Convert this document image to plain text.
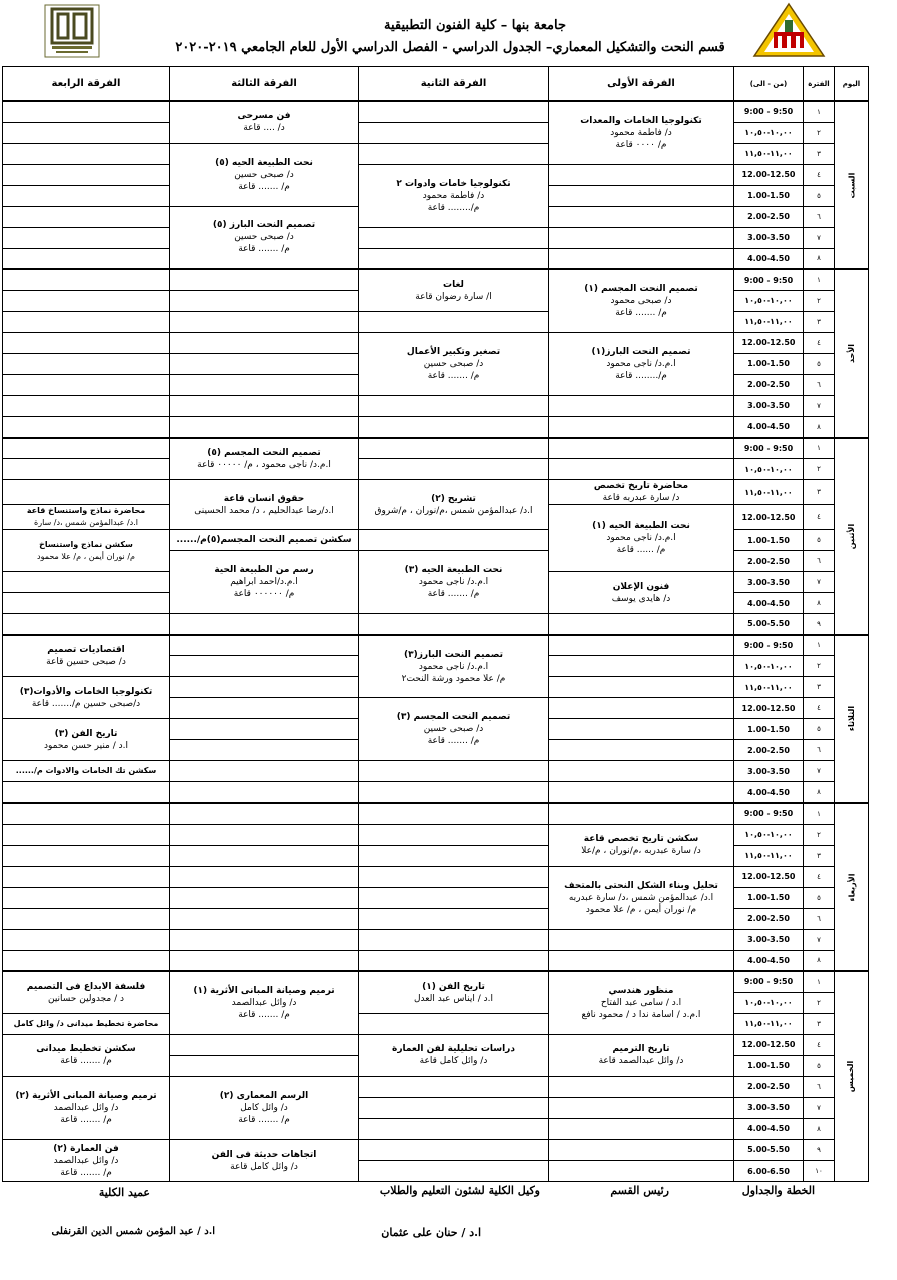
جامعة بنها – كلية الفنون التطبيقية
قسم النحت والتشكيل المعماري– الجدول الدراسي - الفصل الدراسي الأول للعام الجامعي ٢٠١٩-٢٠٢٠
اليوم	الفترة	(من – الى)	الفرقة الأولى	الفرقة الثانية	الفرقة الثالثة	الفرقة الرابعة
السبت	١	9:00 – 9:50	تكنولوجيا الخامات والمعدات
د/ فاطمة محمود
م/ ٠٠٠٠ قاعة		فن مسرحى
د/ .... قاعة	

	٢	١٠,٠٠-١٠,٥٠				
	٣	١١,٠٠-١١,٥٠			نحت الطبيعة الحيه (٥)
د/ صبحى حسين
م/ ....... قاعة	

	٤	12.00-12.50		تكنولوجيا خامات وادوات ٢
د/ فاطمة محمود
م/........ قاعة		

	٥	1.00-1.50				
	٦	2.00-2.50			تصميم النحت البارز (٥)
د/ صبحى حسين
م/ ....... قاعة	

	٧	3.00-3.50				
	٨	4.00-4.50				
الأحد	١	9:00 – 9:50	تصميم النحت المجسم (١)
د/ صبحى محمود
م/ ....... قاعة	لغات
ا/ سارة رضوان قاعة		

	٢	١٠,٠٠-١٠,٥٠				
	٣	١١,٠٠-١١,٥٠				
	٤	12.00-12.50	تصميم النحت البارز(١)
ا.م.د/ ناجى محمود
م/........ قاعة	تصغير وتكبير الأعمال
د/ صبحى حسين
م/ ....... قاعة		

	٥	1.00-1.50				
	٦	2.00-2.50				
	٧	3.00-3.50				
	٨	4.00-4.50				
الأثنين	١	9:00 – 9:50			تصميم النحت المجسم (٥)
ا.م.د/ ناجى محمود ، م/ ٠٠٠٠٠ قاعة	

	٢	١٠,٠٠-١٠,٥٠				
	٣	١١,٠٠-١١,٥٠	محاضرة تاريخ تخصص
د/ سارة عبدربه قاعة	تشريح (٢)
ا.د/ عبدالمؤمن شمس ،م/نوران ، م/شروق	حقوق انسان قاعة
ا.د/رضا عبدالحليم ، د/ محمد الحسينى	

	٤	12.00-12.50	نحت الطبيعة الحيه (١)
ا.م.د/ ناجى محمود
م/ ...... قاعة			محاضرة نماذج واستنساخ قاعة
ا.د/ عبدالمؤمن شمس ،د/ سارة

	٥	1.00-1.50			سكشن تصميم النحت المجسم(٥)م/......	سكشن نماذج واستنساخ
م/ نوران أيمن ، م/ علا محمود

	٦	2.00-2.50		نحت الطبيعة الحيه (٣)
ا.م.د/ ناجى محمود
م/ ....... قاعة	رسم من الطبيعة الحية
ا.م.د/احمد ابراهيم
م/ ٠٠٠٠٠٠ قاعة	

	٧	3.00-3.50	فنون الإعلان
د/ هايدى يوسف			

	٨	4.00-4.50				
	٩	5.00-5.50				
الثلاثاء	١	9:00 – 9:50		تصميم النحت البارز(٣)
ا.م.د/ ناجى محمود
م/ علا محمود ورشة النحت٢		اقتصاديات تصميم
د/ صبحى حسين قاعة

	٢	١٠,٠٠-١٠,٥٠				
	٣	١١,٠٠-١١,٥٠				تكنولوجيا الخامات والأدوات(٣)
د/صبحى حسين م/....... قاعة

	٤	12.00-12.50		تصميم النحت المجسم (٣)
د/ صبحى حسين
م/ ....... قاعة		

	٥	1.00-1.50				تاريخ الفن (٣)
ا.د / منير حسن محمود

	٦	2.00-2.50				
	٧	3.00-3.50				سكشن تك الخامات والادوات م/......

	٨	4.00-4.50				
الأربعاء	١	9:00 – 9:50				
	٢	١٠,٠٠-١٠,٥٠	سكشن تاريخ تخصص قاعة
د/ سارة عبدربه ،م/نوران ، م/علا			

	٣	١١,٠٠-١١,٥٠				
	٤	12.00-12.50	تحليل وبناء الشكل النحتى بالمتحف
ا.د/ عبدالمؤمن شمس ،د/ سارة عبدربه
م/ نوران أيمن ، م/ علا محمود			

	٥	1.00-1.50				
	٦	2.00-2.50				
	٧	3.00-3.50				
	٨	4.00-4.50				
الخميس	١	9:00 – 9:50	منظور هندسي
ا.د / سامى عبد الفتاح
ا.م.د / اسامة ندا د / محمود نافع	تاريخ الفن (١)
ا.د / ايناس عبد العدل	ترميم وصيانة المبانى الأثرية (١)
د/ وائل عبدالصمد
م/ ....... قاعة	فلسفة الابداع فى التصميم
د / مجدولين حسانين

	٢	١٠,٠٠-١٠,٥٠				
	٣	١١,٠٠-١١,٥٠				محاضرة تخطيط ميدانى د/ وائل كامل

	٤	12.00-12.50	تاريخ الترميم
د/ وائل عبدالصمد قاعة	دراسات تحليلية لفن العمارة
د/ وائل كامل قاعة		سكشن تخطيط ميدانى
م/ ....... قاعة

	٥	1.00-1.50				
	٦	2.00-2.50			الرسم المعمارى (٢)
د/ وائل كامل
م/ ....... قاعة	ترميم وصيانة المبانى الأثرية (٢)
د/ وائل عبدالصمد
م/ ....... قاعة

	٧	3.00-3.50				
	٨	4.00-4.50				
	٩	5.00-5.50			اتجاهات حديثة فى الفن
د/ وائل كامل قاعة	فن العمارة (٢)
د/ وائل عبدالصمد
م/ ....... قاعة

	١٠	6.00-6.50				
الخطة والجداول
رئيس القسم
وكيل الكلية لشئون التعليم والطلاب
عميد الكلية
ا.د / حنان على عثمان
ا.د / عبد المؤمن شمس الدين القرنفلى
